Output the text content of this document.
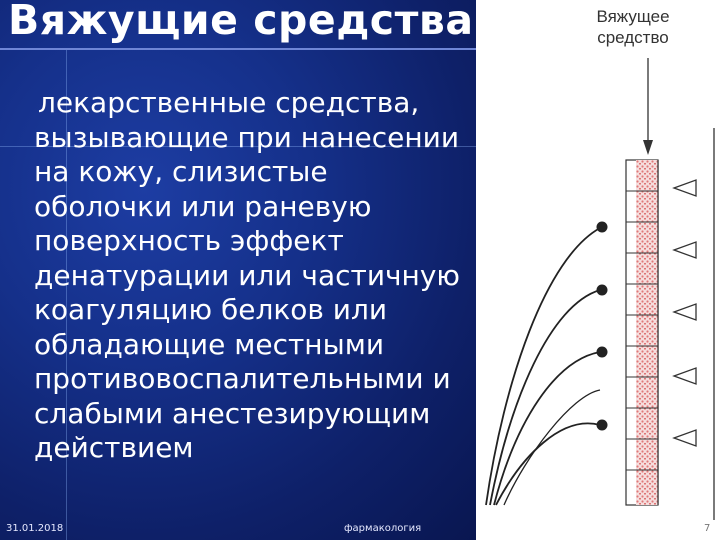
Вяжущие средства
лекарственные средства,
вызывающие при нанесении
на кожу, слизистые
оболочки или раневую
поверхность эффект
денатурации или частичную
коагуляцию белков или
обладающие местными
противовоспалительными и
слабыми анестезирующим
действием
31.01.2018	фармакология
Вяжущее
средство
7
